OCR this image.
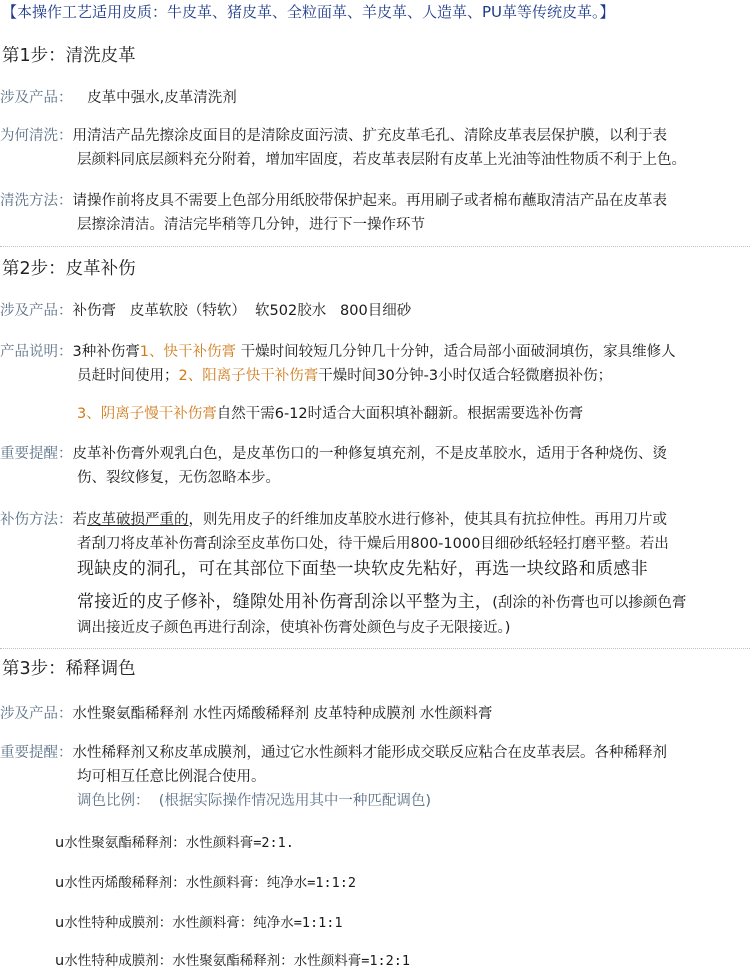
【本操作工艺适用皮质：牛皮革、猪皮革、全粒面革、羊皮革、人造革、PU革等传统皮革。】
第1步：清洗皮革
涉及产品： 皮革中强水,皮革清洗剂
为何清洗：用清洁产品先擦涂皮面目的是清除皮面污渍、扩充皮革毛孔、清除皮革表层保护膜，以利于表
层颜料同底层颜料充分附着，增加牢固度，若皮革表层附有皮革上光油等油性物质不利于上色。
清洗方法：请操作前将皮具不需要上色部分用纸胶带保护起来。再用刷子或者棉布蘸取清洁产品在皮革表
层擦涂清洁。清洁完毕稍等几分钟，进行下一操作环节
第2步：皮革补伤
涉及产品：补伤膏   皮革软胶（特软）  软502胶水   800目细砂
产品说明：3种补伤膏1、快干补伤膏 干燥时间较短几分钟几十分钟，适合局部小面破洞填伤，家具维修人
员赶时间使用；2、阳离子快干补伤膏干燥时间30分钟-3小时仅适合轻微磨损补伤；
3、阴离子慢干补伤膏自然干需6-12时适合大面积填补翻新。根据需要选补伤膏
重要提醒：皮革补伤膏外观乳白色，是皮革伤口的一种修复填充剂，不是皮革胶水，适用于各种烧伤、烫
伤、裂纹修复，无伤忽略本步。
补伤方法：若皮革破损严重的，则先用皮子的纤维加皮革胶水进行修补，使其具有抗拉伸性。再用刀片或
者刮刀将皮革补伤膏刮涂至皮革伤口处，待干燥后用800-1000目细砂纸轻轻打磨平整。若出
现缺皮的洞孔，可在其部位下面垫一块软皮先粘好，再选一块纹路和质感非
常接近的皮子修补，缝隙处用补伤膏刮涂以平整为主，(刮涂的补伤膏也可以掺颜色膏
调出接近皮子颜色再进行刮涂，使填补伤膏处颜色与皮子无限接近。)
第3步：稀释调色
涉及产品：水性聚氨酯稀释剂 水性丙烯酸稀释剂 皮革特种成膜剂 水性颜料膏
重要提醒：水性稀释剂又称皮革成膜剂，通过它水性颜料才能形成交联反应粘合在皮革表层。各种稀释剂
均可相互任意比例混合使用。
调色比例：  (根据实际操作情况选用其中一种匹配调色)
u水性聚氨酯稀释剂：水性颜料膏=2:1.
u水性丙烯酸稀释剂：水性颜料膏：纯净水=1:1:2
u水性特种成膜剂：水性颜料膏：纯净水=1:1:1
u水性特种成膜剂：水性聚氨酯稀释剂：水性颜料膏=1:2:1
